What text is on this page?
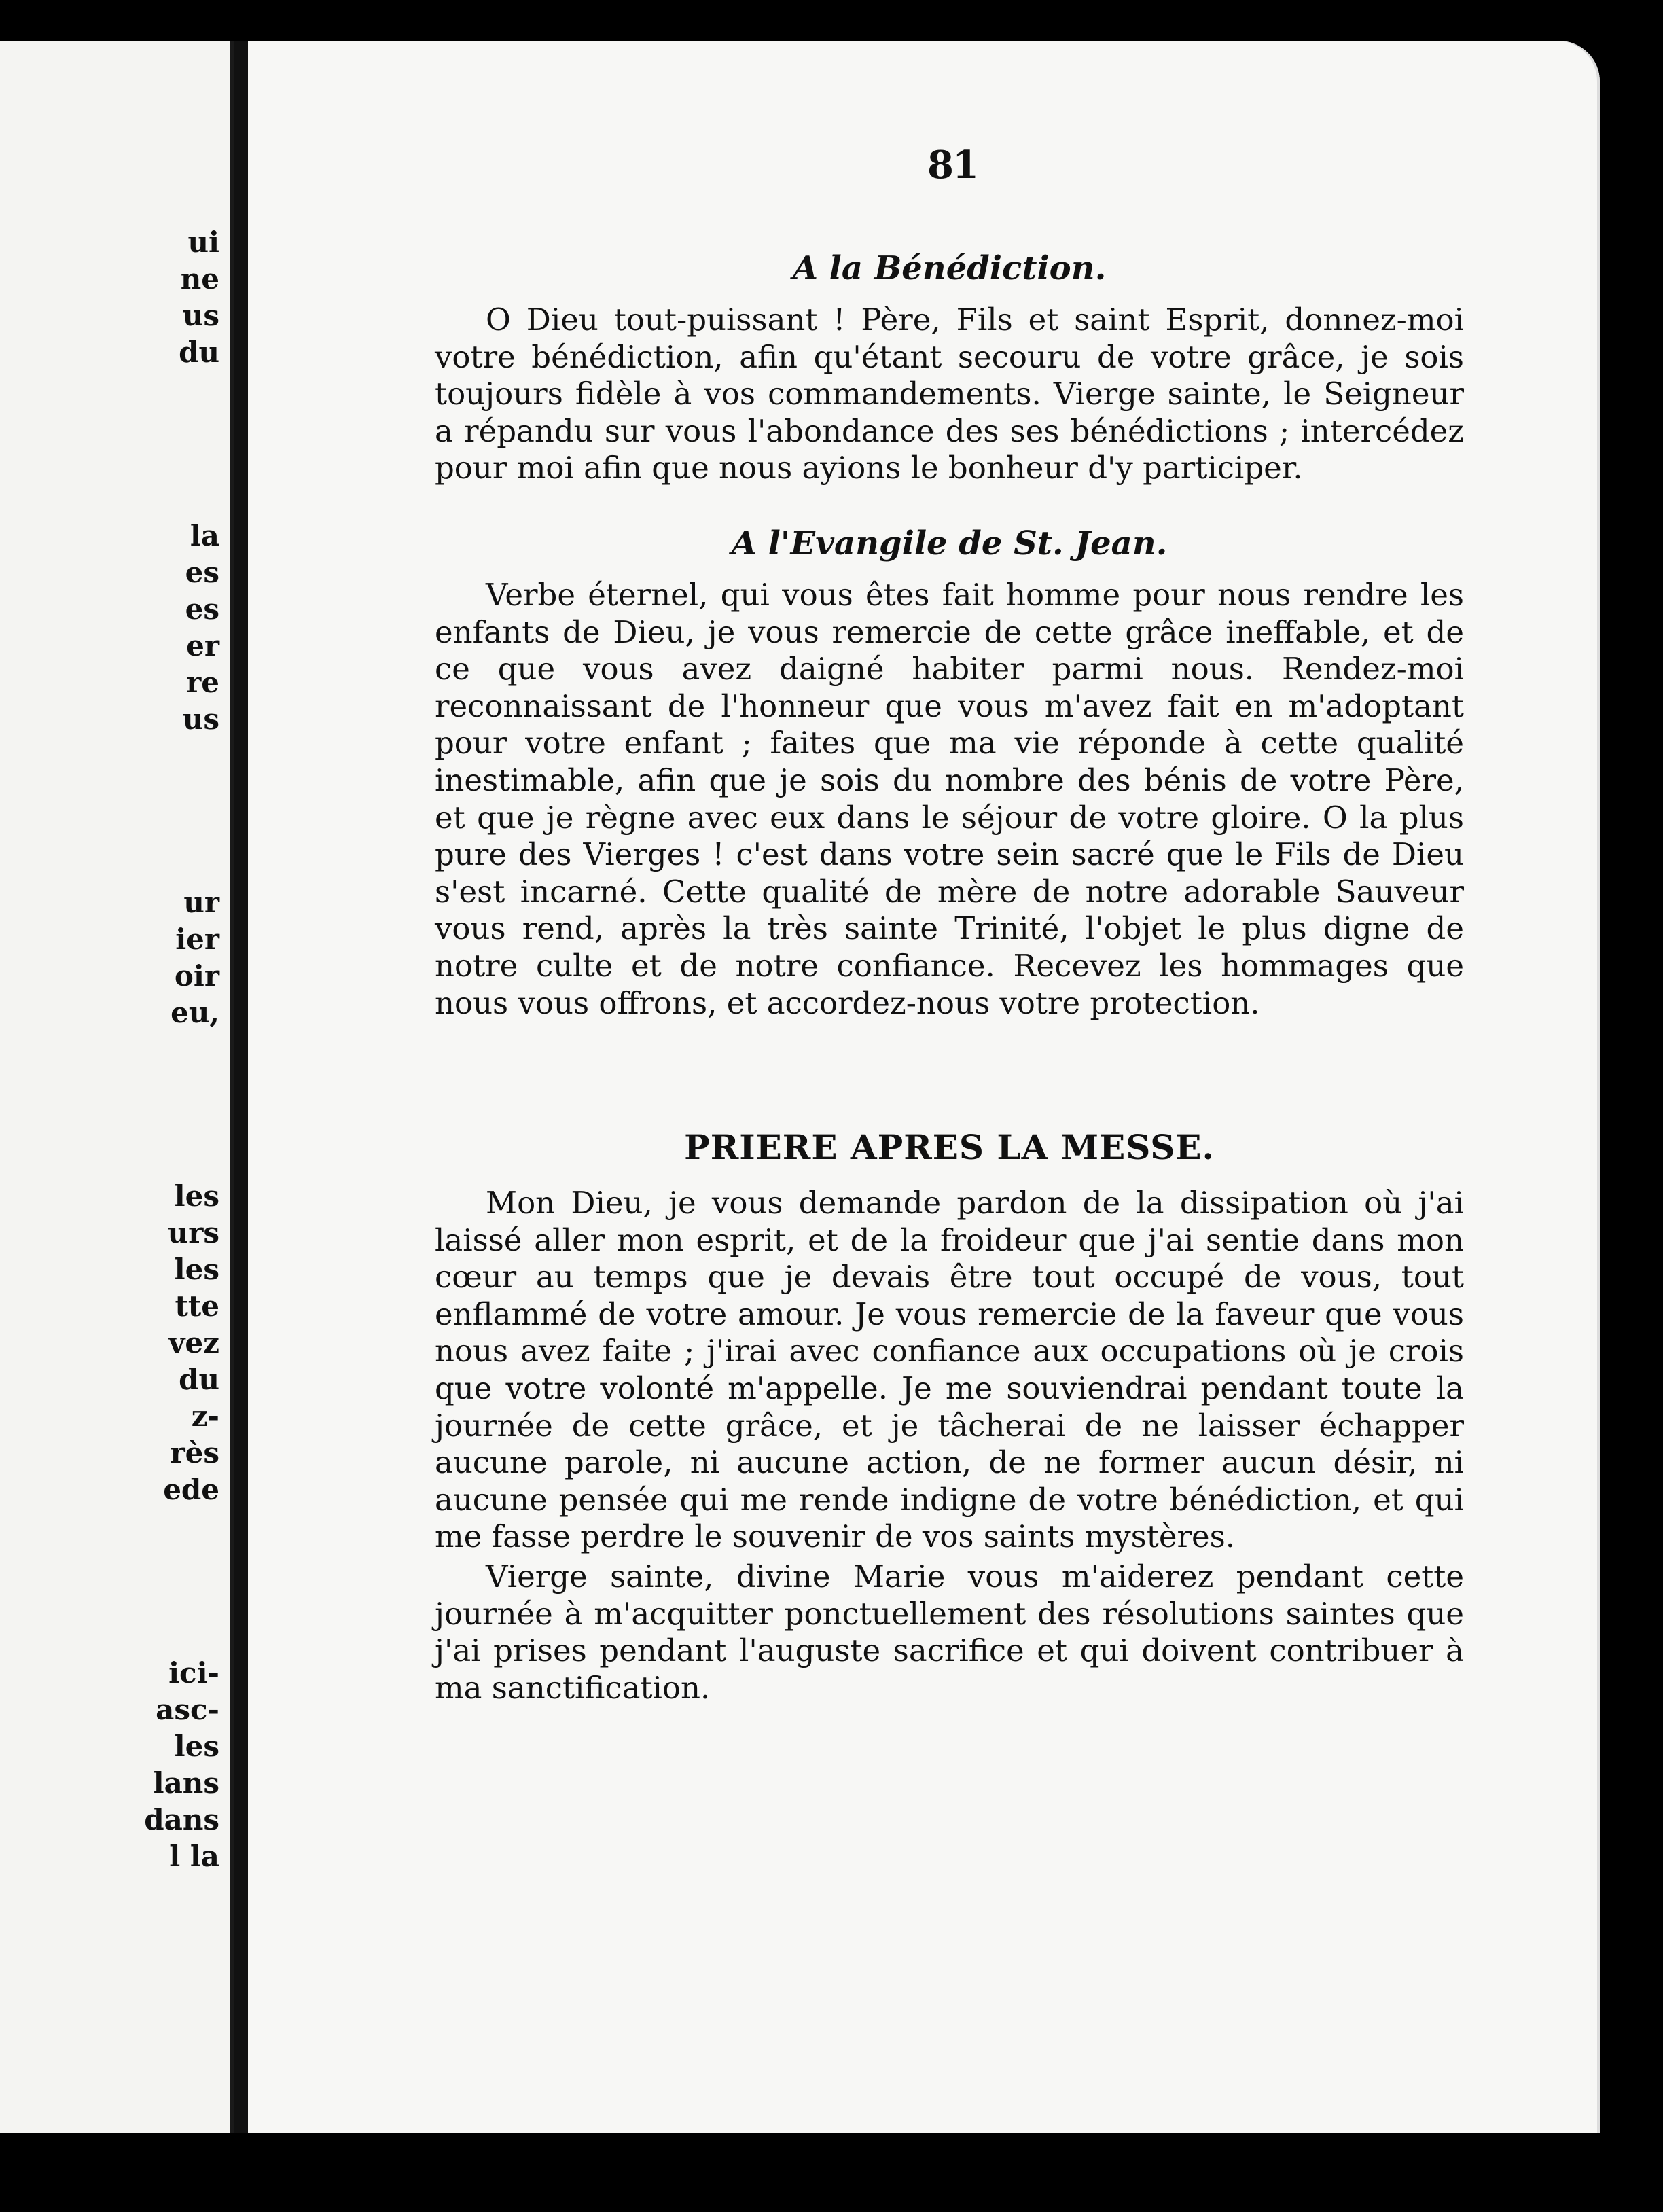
ui
ne
us
du
la
es
es
er
re
us
ur
ier
oir
eu,
les
urs
les
tte
vez
du
z-
rès
ede
ici-
asc-
les
lans
dans
l la
81
A la Bénédiction.

O Dieu tout-puissant ! Père, Fils et saint Esprit, donnez-moi votre bénédiction, afin qu'étant secouru de votre grâce, je sois toujours fidèle à vos commandements. Vierge sainte, le Seigneur a répandu sur vous l'abondance des ses bénédictions ; intercédez pour moi afin que nous ayions le bonheur d'y participer.

A l'Evangile de St. Jean.

Verbe éternel, qui vous êtes fait homme pour nous rendre les enfants de Dieu, je vous remercie de cette grâce ineffable, et de ce que vous avez daigné habiter parmi nous. Rendez-moi reconnaissant de l'honneur que vous m'avez fait en m'adoptant pour votre enfant ; faites que ma vie réponde à cette qualité inestimable, afin que je sois du nombre des bénis de votre Père, et que je règne avec eux dans le séjour de votre gloire. O la plus pure des Vierges ! c'est dans votre sein sacré que le Fils de Dieu s'est incarné. Cette qualité de mère de notre adorable Sauveur vous rend, après la très sainte Trinité, l'objet le plus digne de notre culte et de notre confiance. Recevez les hommages que nous vous offrons, et accordez-nous votre protection.

PRIERE APRES LA MESSE.

Mon Dieu, je vous demande pardon de la dissipation où j'ai laissé aller mon esprit, et de la froideur que j'ai sentie dans mon cœur au temps que je devais être tout occupé de vous, tout enflammé de votre amour. Je vous remercie de la faveur que vous nous avez faite ; j'irai avec confiance aux occupations où je crois que votre volonté m'appelle. Je me souviendrai pendant toute la journée de cette grâce, et je tâcherai de ne laisser échapper aucune parole, ni aucune action, de ne former aucun désir, ni aucune pensée qui me rende indigne de votre bénédiction, et qui me fasse perdre le souvenir de vos saints mystères.

Vierge sainte, divine Marie vous m'aiderez pendant cette journée à m'acquitter ponctuellement des résolutions saintes que j'ai prises pendant l'auguste sacrifice et qui doivent contribuer à ma sanctification.
